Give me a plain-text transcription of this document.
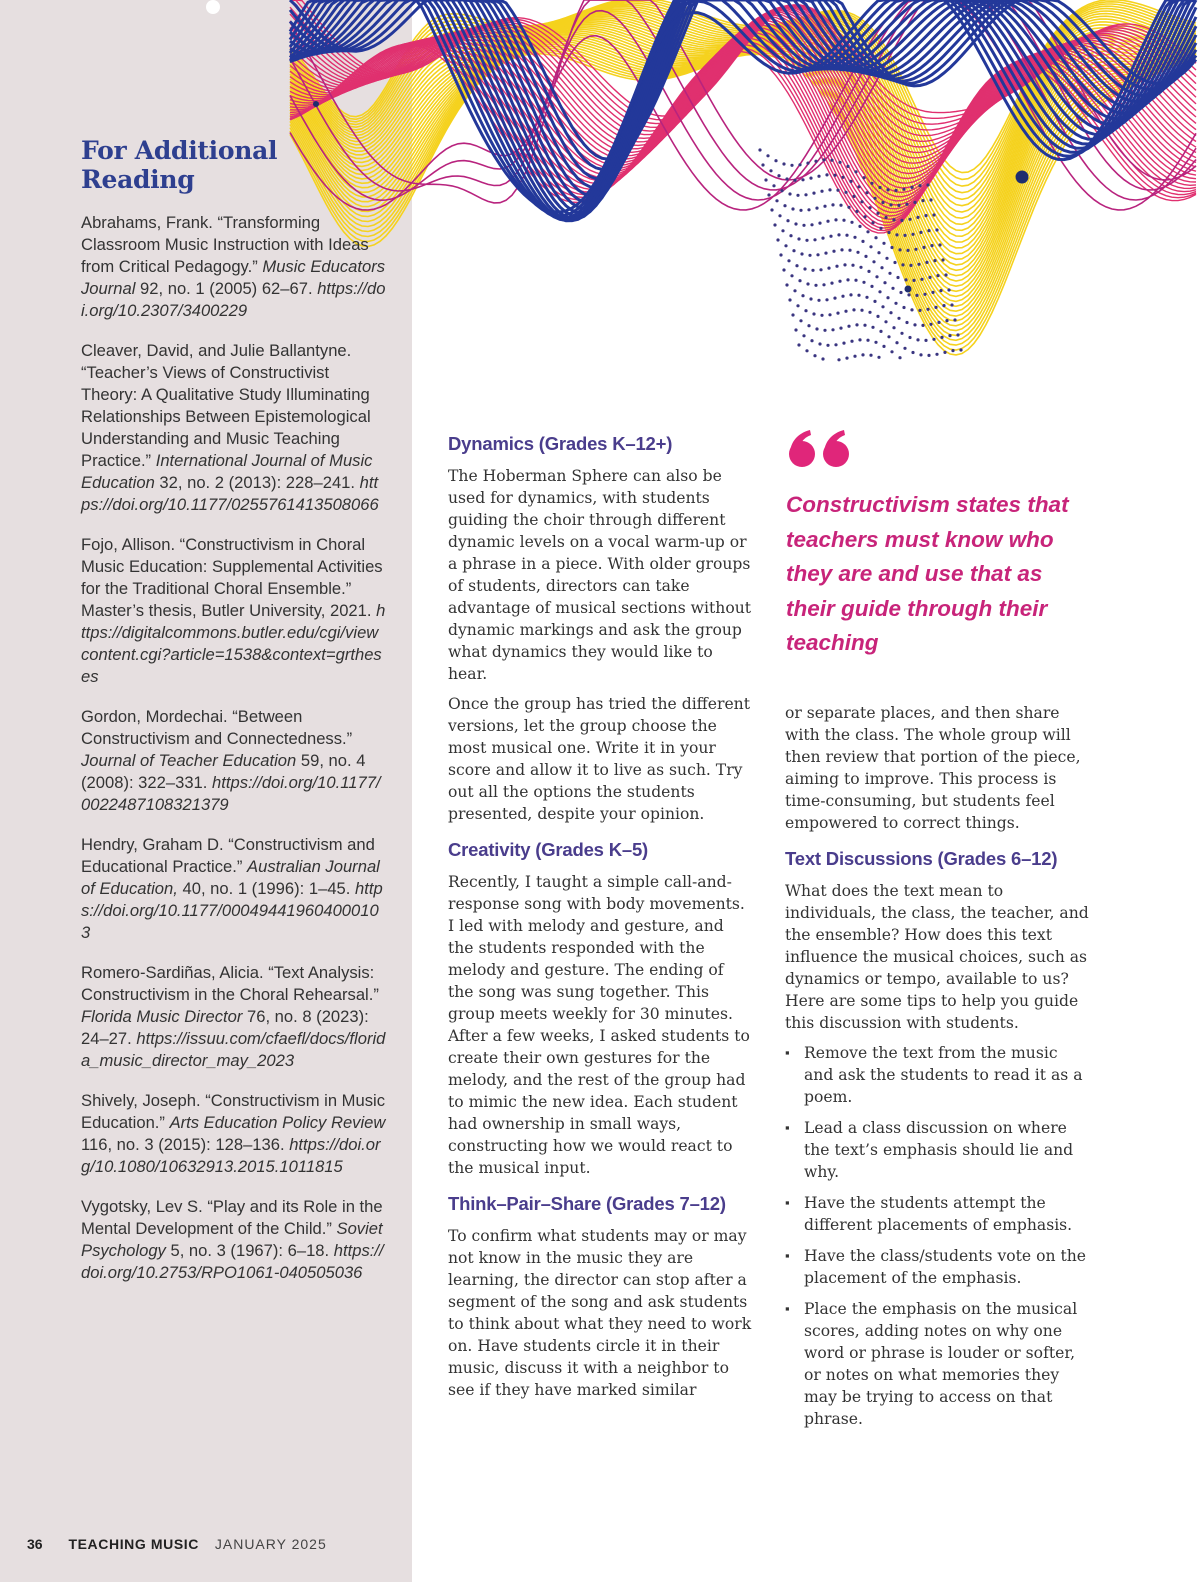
For Additional Reading

Abrahams, Frank. “Transforming Classroom Music Instruction with Ideas from Critical Pedagogy.” Music Educators Journal 92, no. 1 (2005) 62–67. https://doi.org/10.2307/3400229

Cleaver, David, and Julie Ballantyne. “Teacher’s Views of Constructivist Theory: A Qualitative Study Illuminating Relationships Between Epistemological Understanding and Music Teaching Practice.” International Journal of Music Education 32, no. 2 (2013): 228–241. https://doi.org/10.1177/0255761413508066

Fojo, Allison. “Constructivism in Choral Music Education: Supplemental Activities for the Traditional Choral Ensemble.” Master’s thesis, Butler University, 2021. https://digitalcommons.butler.edu/cgi/viewcontent.cgi?article=1538&context=grtheses

Gordon, Mordechai. “Between Constructivism and Connectedness.” Journal of Teacher Education 59, no. 4 (2008): 322–331. https://doi.org/10.1177/0022487108321379

Hendry, Graham D. “Constructivism and Educational Practice.” Australian Journal of Education, 40, no. 1 (1996): 1–45. https://doi.org/10.1177/000494419604000103

Romero-Sardiñas, Alicia. “Text Analysis: Constructivism in the Choral Rehearsal.” Florida Music Director 76, no. 8 (2023): 24–27. https://issuu.com/cfaefl/docs/florida_music_director_may_2023

Shively, Joseph. “Constructivism in Music Education.” Arts Education Policy Review 116, no. 3 (2015): 128–136. https://doi.org/10.1080/10632913.2015.1011815

Vygotsky, Lev S. “Play and its Role in the Mental Development of the Child.” Soviet Psychology 5, no. 3 (1967): 6–18. https://doi.org/10.2753/RPO1061-040505036

Dynamics (Grades K–12+)

The Hoberman Sphere can also be used for dynamics, with students guiding the choir through different dynamic levels on a vocal warm-up or a phrase in a piece. With older groups of students, directors can take advantage of musical sections without dynamic markings and ask the group what dynamics they would like to hear.

Once the group has tried the different versions, let the group choose the most musical one. Write it in your score and allow it to live as such. Try out all the options the students presented, despite your opinion.

Creativity (Grades K–5)

Recently, I taught a simple call-and-response song with body movements. I led with melody and gesture, and the students responded with the melody and gesture. The ending of the song was sung together. This group meets weekly for 30 minutes. After a few weeks, I asked students to create their own gestures for the melody, and the rest of the group had to mimic the new idea. Each student had ownership in small ways, constructing how we would react to the musical input.

Think–Pair–Share (Grades 7–12)

To confirm what students may or may not know in the music they are learning, the director can stop after a segment of the song and ask students to think about what they need to work on. Have students circle it in their music, discuss it with a neighbor to see if they have marked similar

Constructivism states that teachers must know who they are and use that as their guide through their teaching

or separate places, and then share with the class. The whole group will then review that portion of the piece, aiming to improve. This process is time-consuming, but students feel empowered to correct things.

Text Discussions (Grades 6–12)

What does the text mean to individuals, the class, the teacher, and the ensemble? How does this text influence the musical choices, such as dynamics or tempo, available to us? Here are some tips to help you guide this discussion with students.

▪ Remove the text from the music and ask the students to read it as a poem.
▪ Lead a class discussion on where the text’s emphasis should lie and why.
▪ Have the students attempt the different placements of emphasis.
▪ Have the class/students vote on the placement of the emphasis.
▪ Place the emphasis on the musical scores, adding notes on why one word or phrase is louder or softer, or notes on what memories they may be trying to access on that phrase.
36 TEACHING MUSIC JANUARY 2025
